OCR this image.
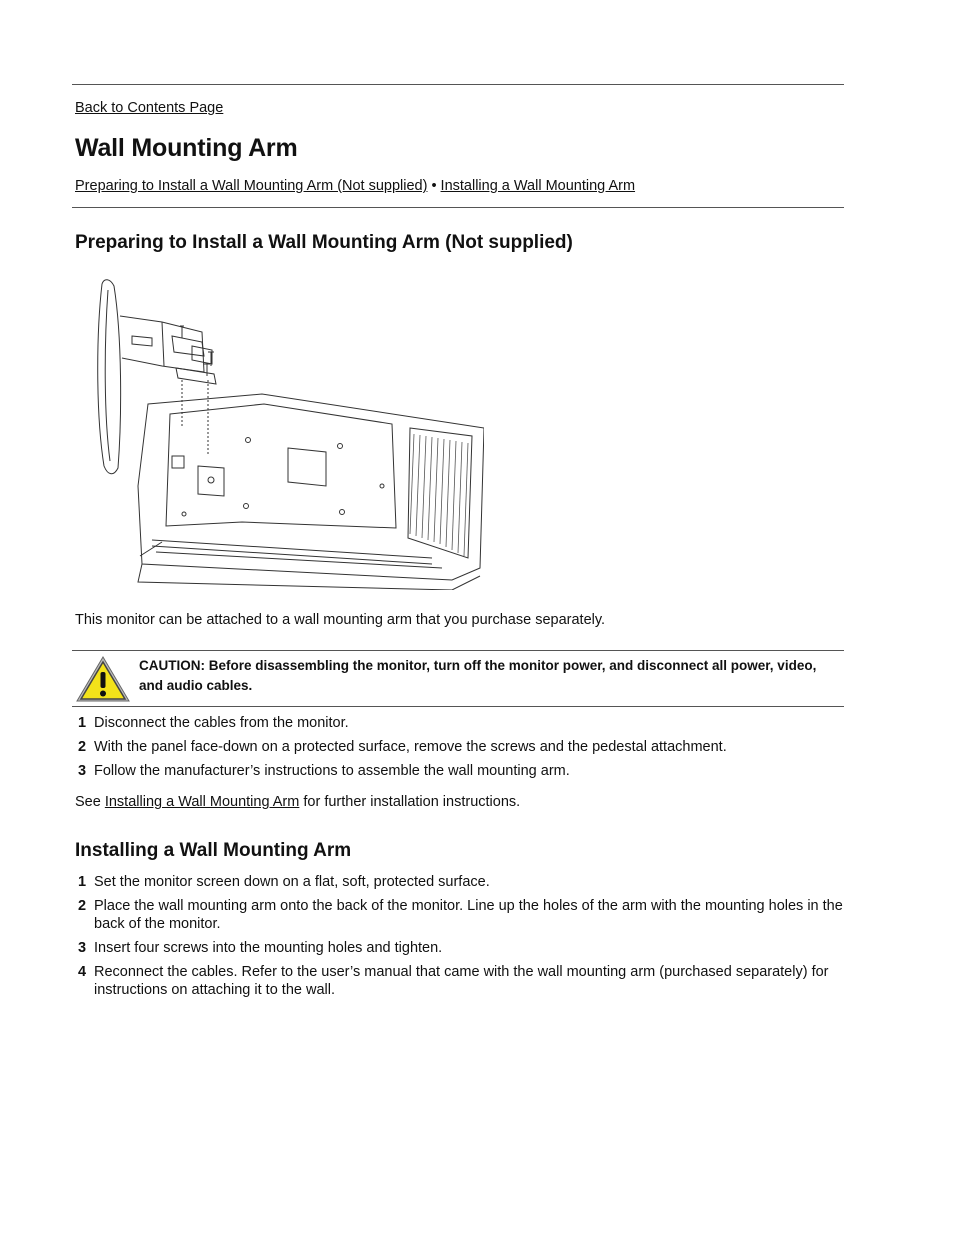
Back to Contents Page
Wall Mounting Arm
Preparing to Install a Wall Mounting Arm (Not supplied) • Installing a Wall Mounting Arm
Preparing to Install a Wall Mounting Arm (Not supplied)

This monitor can be attached to a wall mounting arm that you purchase separately.

CAUTION: Before disassembling the monitor, turn off the monitor power, and disconnect all power, video, and audio cables.
1 Disconnect the cables from the monitor.
2 With the panel face-down on a protected surface, remove the screws and the pedestal attachment.
3 Follow the manufacturer’s instructions to assemble the wall mounting arm.

See Installing a Wall Mounting Arm for further installation instructions.

Installing a Wall Mounting Arm
1 Set the monitor screen down on a flat, soft, protected surface.
2 Place the wall mounting arm onto the back of the monitor. Line up the holes of the arm with the mounting holes in the back of the monitor.
3 Insert four screws into the mounting holes and tighten.
4 Reconnect the cables. Refer to the user’s manual that came with the wall mounting arm (purchased separately) for instructions on attaching it to the wall.
